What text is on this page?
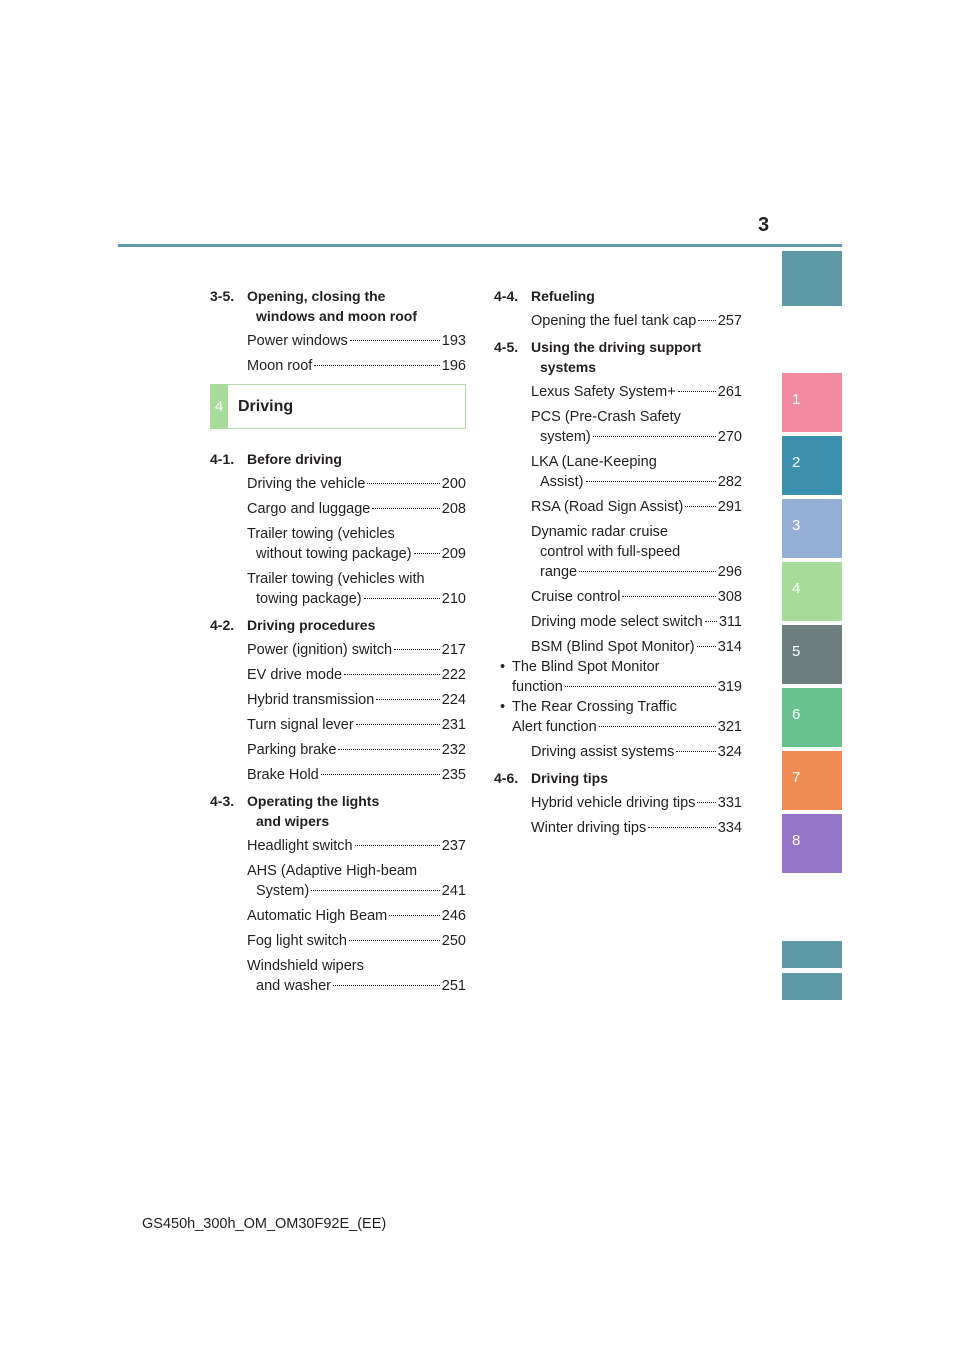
3
1
2
3
4
5
6
7
8
3-5. Opening, closing the
windows and moon roof
Power windows	193
Moon roof	196
4 Driving
4-1. Before driving
Driving the vehicle	200
Cargo and luggage	208
Trailer towing (vehicles
without towing package) 209
Trailer towing (vehicles with
towing package)	210
4-2. Driving procedures
Power (ignition) switch	217
EV drive mode	222
Hybrid transmission	224
Turn signal lever	231
Parking brake	232
Brake Hold	235
4-3. Operating the lights
and wipers
Headlight switch	237
AHS (Adaptive High-beam
System)	241
Automatic High Beam	246
Fog light switch	250
Windshield wipers
and washer	251
4-4. Refueling
Opening the fuel tank cap 257
4-5. Using the driving support
systems
Lexus Safety System+	261
PCS (Pre-Crash Safety
system)	270
LKA (Lane-Keeping
Assist)	282
RSA (Road Sign Assist) 291
Dynamic radar cruise
control with full-speed
range	296
Cruise control	308
Driving mode select switch 311
BSM (Blind Spot Monitor) 314
• The Blind Spot Monitor
function	319
• The Rear Crossing Traffic
Alert function	321
Driving assist systems	324
4-6. Driving tips
Hybrid vehicle driving tips 331
Winter driving tips	334
GS450h_300h_OM_OM30F92E_(EE)
